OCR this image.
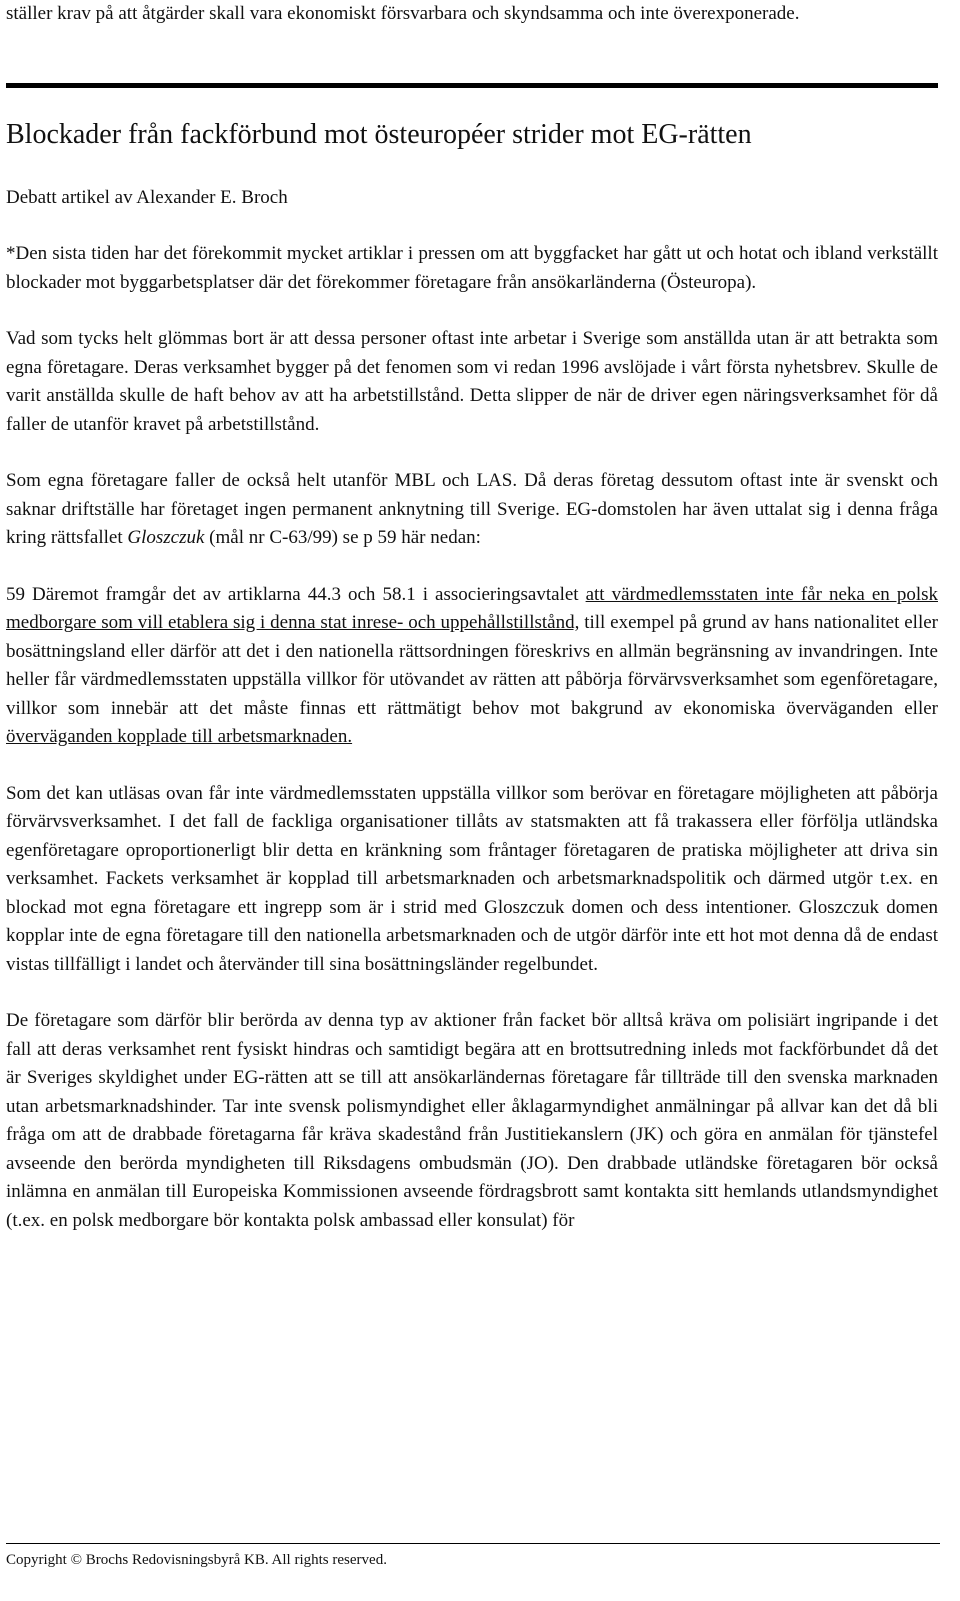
ställer krav på att åtgärder skall vara ekonomiskt försvarbara och skyndsamma och inte överexponerade.

Blockader från fackförbund mot östeuropéer strider mot EG-rätten

Debatt artikel av Alexander E. Broch

*Den sista tiden har det förekommit mycket artiklar i pressen om att byggfacket har gått ut och hotat och ibland verkställt blockader mot byggarbetsplatser där det förekommer företagare från ansökarländerna (Östeuropa).

Vad som tycks helt glömmas bort är att dessa personer oftast inte arbetar i Sverige som anställda utan är att betrakta som egna företagare. Deras verksamhet bygger på det fenomen som vi redan 1996 avslöjade i vårt första nyhetsbrev. Skulle de varit anställda skulle de haft behov av att ha arbetstillstånd. Detta slipper de när de driver egen näringsverksamhet för då faller de utanför kravet på arbetstillstånd.

Som egna företagare faller de också helt utanför MBL och LAS. Då deras företag dessutom oftast inte är svenskt och saknar driftställe har företaget ingen permanent anknytning till Sverige. EG-domstolen har även uttalat sig i denna fråga kring rättsfallet Gloszczuk (mål nr C-63/99) se p 59 här nedan:

59 Däremot framgår det av artiklarna 44.3 och 58.1 i associeringsavtalet att värdmedlemsstaten inte får neka en polsk medborgare som vill etablera sig i denna stat inrese- och uppehållstillstånd, till exempel på grund av hans nationalitet eller bosättningsland eller därför att det i den nationella rättsordningen föreskrivs en allmän begränsning av invandringen. Inte heller får värdmedlemsstaten uppställa villkor för utövandet av rätten att påbörja förvärvsverksamhet som egenföretagare, villkor som innebär att det måste finnas ett rättmätigt behov mot bakgrund av ekonomiska överväganden eller överväganden kopplade till arbetsmarknaden.

Som det kan utläsas ovan får inte värdmedlemsstaten uppställa villkor som berövar en företagare möjligheten att påbörja förvärvsverksamhet. I det fall de fackliga organisationer tillåts av statsmakten att få trakassera eller förfölja utländska egenföretagare oproportionerligt blir detta en kränkning som fråntager företagaren de pratiska möjligheter att driva sin verksamhet. Fackets verksamhet är kopplad till arbetsmarknaden och arbetsmarknadspolitik och därmed utgör t.ex. en blockad mot egna företagare ett ingrepp som är i strid med Gloszczuk domen och dess intentioner. Gloszczuk domen kopplar inte de egna företagare till den nationella arbetsmarknaden och de utgör därför inte ett hot mot denna då de endast vistas tillfälligt i landet och återvänder till sina bosättningsländer regelbundet.

De företagare som därför blir berörda av denna typ av aktioner från facket bör alltså kräva om polisiärt ingripande i det fall att deras verksamhet rent fysiskt hindras och samtidigt begära att en brottsutredning inleds mot fackförbundet då det är Sveriges skyldighet under EG-rätten att se till att ansökarländernas företagare får tillträde till den svenska marknaden utan arbetsmarknadshinder. Tar inte svensk polismyndighet eller åklagarmyndighet anmälningar på allvar kan det då bli fråga om att de drabbade företagarna får kräva skadestånd från Justitiekanslern (JK) och göra en anmälan för tjänstefel avseende den berörda myndigheten till Riksdagens ombudsmän (JO). Den drabbade utländske företagaren bör också inlämna en anmälan till Europeiska Kommissionen avseende fördragsbrott samt kontakta sitt hemlands utlandsmyndighet (t.ex. en polsk medborgare bör kontakta polsk ambassad eller konsulat) för

Copyright © Brochs Redovisningsbyrå KB. All rights reserved.
